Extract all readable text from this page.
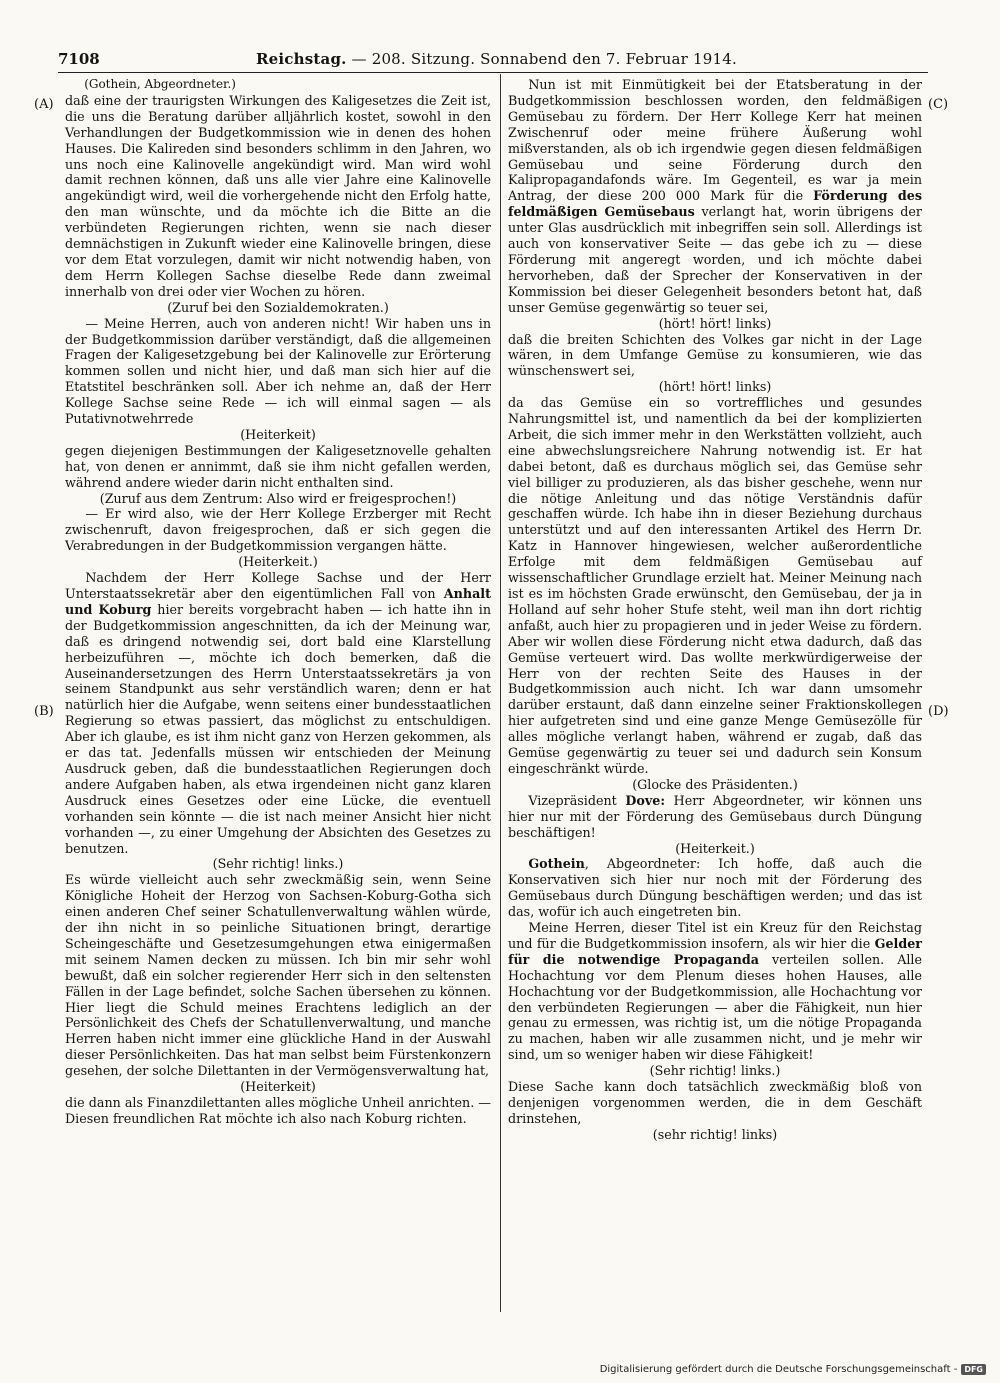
7108	Reichstag. — 208. Sitzung. Sonnabend den 7. Februar 1914.
(A)
(B)
(C)
(D)

(Gothein, Abgeordneter.)

daß eine der traurigsten Wirkungen des Kaligesetzes die Zeit ist, die uns die Beratung darüber alljährlich kostet, sowohl in den Verhandlungen der Budgetkommission wie in denen des hohen Hauses. Die Kalireden sind besonders schlimm in den Jahren, wo uns noch eine Kalinovelle angekündigt wird. Man wird wohl damit rechnen können, daß uns alle vier Jahre eine Kalinovelle angekündigt wird, weil die vorhergehende nicht den Erfolg hatte, den man wünschte, und da möchte ich die Bitte an die verbündeten Regierungen richten, wenn sie nach dieser demnächstigen in Zukunft wieder eine Kalinovelle bringen, diese vor dem Etat vorzulegen, damit wir nicht notwendig haben, von dem Herrn Kollegen Sachse dieselbe Rede dann zweimal innerhalb von drei oder vier Wochen zu hören.

(Zuruf bei den Sozialdemokraten.)

— Meine Herren, auch von anderen nicht! Wir haben uns in der Budgetkommission darüber verständigt, daß die allgemeinen Fragen der Kaligesetzgebung bei der Kalinovelle zur Erörterung kommen sollen und nicht hier, und daß man sich hier auf die Etatstitel beschränken soll. Aber ich nehme an, daß der Herr Kollege Sachse seine Rede — ich will einmal sagen — als Putativnotwehrrede

(Heiterkeit)

gegen diejenigen Bestimmungen der Kaligesetznovelle gehalten hat, von denen er annimmt, daß sie ihm nicht gefallen werden, während andere wieder darin nicht enthalten sind.

(Zuruf aus dem Zentrum: Also wird er freigesprochen!)

— Er wird also, wie der Herr Kollege Erzberger mit Recht zwischenruft, davon freigesprochen, daß er sich gegen die Verabredungen in der Budgetkommission vergangen hätte.

(Heiterkeit.)

Nachdem der Herr Kollege Sachse und der Herr Unterstaatssekretär aber den eigentümlichen Fall von Anhalt und Koburg hier bereits vorgebracht haben — ich hatte ihn in der Budgetkommission angeschnitten, da ich der Meinung war, daß es dringend notwendig sei, dort bald eine Klarstellung herbeizuführen —, möchte ich doch bemerken, daß die Auseinandersetzungen des Herrn Unterstaatssekretärs ja von seinem Standpunkt aus sehr verständlich waren; denn er hat natürlich hier die Aufgabe, wenn seitens einer bundesstaatlichen Regierung so etwas passiert, das möglichst zu entschuldigen. Aber ich glaube, es ist ihm nicht ganz von Herzen gekommen, als er das tat. Jedenfalls müssen wir entschieden der Meinung Ausdruck geben, daß die bundesstaatlichen Regierungen doch andere Aufgaben haben, als etwa irgendeinen nicht ganz klaren Ausdruck eines Gesetzes oder eine Lücke, die eventuell vorhanden sein könnte — die ist nach meiner Ansicht hier nicht vorhanden —, zu einer Umgehung der Absichten des Gesetzes zu benutzen.

(Sehr richtig! links.)

Es würde vielleicht auch sehr zweckmäßig sein, wenn Seine Königliche Hoheit der Herzog von Sachsen-Koburg-Gotha sich einen anderen Chef seiner Schatullenverwaltung wählen würde, der ihn nicht in so peinliche Situationen bringt, derartige Scheingeschäfte und Gesetzesumgehungen etwa einigermaßen mit seinem Namen decken zu müssen. Ich bin mir sehr wohl bewußt, daß ein solcher regierender Herr sich in den seltensten Fällen in der Lage befindet, solche Sachen übersehen zu können. Hier liegt die Schuld meines Erachtens lediglich an der Persönlichkeit des Chefs der Schatullenverwaltung, und manche Herren haben nicht immer eine glückliche Hand in der Auswahl dieser Persönlichkeiten. Das hat man selbst beim Fürstenkonzern gesehen, der solche Dilettanten in der Vermögensverwaltung hat,

(Heiterkeit)

die dann als Finanzdilettanten alles mögliche Unheil anrichten. — Diesen freundlichen Rat möchte ich also nach Koburg richten.

Nun ist mit Einmütigkeit bei der Etatsberatung in der Budgetkommission beschlossen worden, den feldmäßigen Gemüsebau zu fördern. Der Herr Kollege Kerr hat meinen Zwischenruf oder meine frühere Äußerung wohl mißverstanden, als ob ich irgendwie gegen diesen feldmäßigen Gemüsebau und seine Förderung durch den Kalipropagandafonds wäre. Im Gegenteil, es war ja mein Antrag, der diese 200 000 Mark für die Förderung des feldmäßigen Gemüsebaus verlangt hat, worin übrigens der unter Glas ausdrücklich mit inbegriffen sein soll. Allerdings ist auch von konservativer Seite — das gebe ich zu — diese Förderung mit angeregt worden, und ich möchte dabei hervorheben, daß der Sprecher der Konservativen in der Kommission bei dieser Gelegenheit besonders betont hat, daß unser Gemüse gegenwärtig so teuer sei,

(hört! hört! links)

daß die breiten Schichten des Volkes gar nicht in der Lage wären, in dem Umfange Gemüse zu konsumieren, wie das wünschenswert sei,

(hört! hört! links)

da das Gemüse ein so vortreffliches und gesundes Nahrungsmittel ist, und namentlich da bei der komplizierten Arbeit, die sich immer mehr in den Werkstätten vollzieht, auch eine abwechslungsreichere Nahrung notwendig ist. Er hat dabei betont, daß es durchaus möglich sei, das Gemüse sehr viel billiger zu produzieren, als das bisher geschehe, wenn nur die nötige Anleitung und das nötige Verständnis dafür geschaffen würde. Ich habe ihn in dieser Beziehung durchaus unterstützt und auf den interessanten Artikel des Herrn Dr. Katz in Hannover hingewiesen, welcher außerordentliche Erfolge mit dem feldmäßigen Gemüsebau auf wissenschaftlicher Grundlage erzielt hat. Meiner Meinung nach ist es im höchsten Grade erwünscht, den Gemüsebau, der ja in Holland auf sehr hoher Stufe steht, weil man ihn dort richtig anfaßt, auch hier zu propagieren und in jeder Weise zu fördern. Aber wir wollen diese Förderung nicht etwa dadurch, daß das Gemüse verteuert wird. Das wollte merkwürdigerweise der Herr von der rechten Seite des Hauses in der Budgetkommission auch nicht. Ich war dann umsomehr darüber erstaunt, daß dann einzelne seiner Fraktionskollegen hier aufgetreten sind und eine ganze Menge Gemüsezölle für alles mögliche verlangt haben, während er zugab, daß das Gemüse gegenwärtig zu teuer sei und dadurch sein Konsum eingeschränkt würde.

(Glocke des Präsidenten.)

Vizepräsident Dove: Herr Abgeordneter, wir können uns hier nur mit der Förderung des Gemüsebaus durch Düngung beschäftigen!

(Heiterkeit.)

Gothein, Abgeordneter: Ich hoffe, daß auch die Konservativen sich hier nur noch mit der Förderung des Gemüsebaus durch Düngung beschäftigen werden; und das ist das, wofür ich auch eingetreten bin.

Meine Herren, dieser Titel ist ein Kreuz für den Reichstag und für die Budgetkommission insofern, als wir hier die Gelder für die notwendige Propaganda verteilen sollen. Alle Hochachtung vor dem Plenum dieses hohen Hauses, alle Hochachtung vor der Budgetkommission, alle Hochachtung vor den verbündeten Regierungen — aber die Fähigkeit, nun hier genau zu ermessen, was richtig ist, um die nötige Propaganda zu machen, haben wir alle zusammen nicht, und je mehr wir sind, um so weniger haben wir diese Fähigkeit!

(Sehr richtig! links.)

Diese Sache kann doch tatsächlich zweckmäßig bloß von denjenigen vorgenommen werden, die in dem Geschäft drinstehen,

(sehr richtig! links)

Digitalisierung gefördert durch die Deutsche Forschungsgemeinschaft - DFG
